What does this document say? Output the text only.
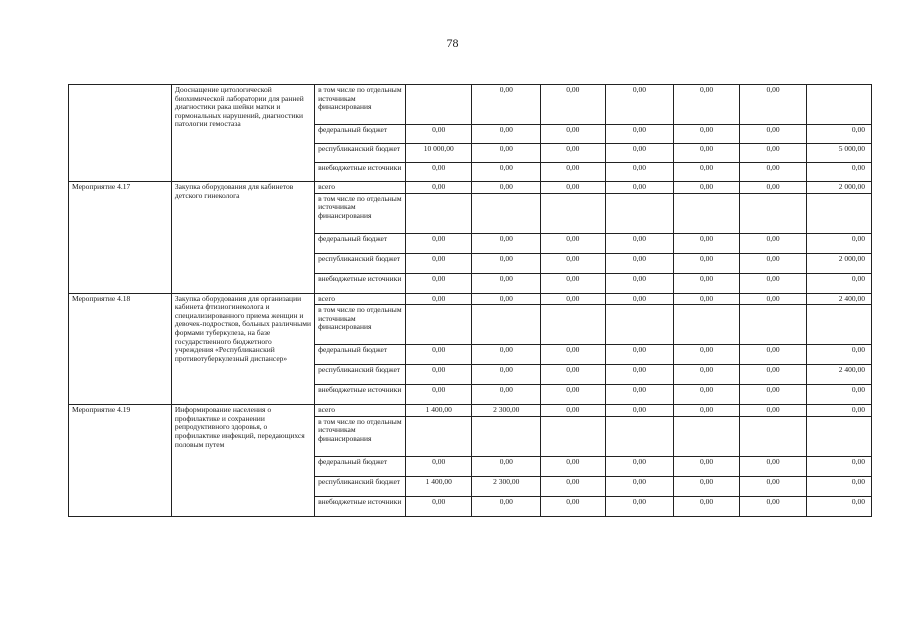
78
	Дооснащение цитологической биохимической лаборатории для ранней диагностики рака шейки матки и гормональных нарушений, диагностики патологии гемостаза	в том числе по отдельным источникам финансирования		0,00	0,00	0,00	0,00	0,00	
		федеральный бюджет	0,00	0,00	0,00	0,00	0,00	0,00	0,00
		республиканский бюджет	10 000,00	0,00	0,00	0,00	0,00	0,00	5 000,00
		внебюджетные источники	0,00	0,00	0,00	0,00	0,00	0,00	0,00
Мероприятие 4.17	Закупка оборудования для кабинетов детского гинеколога	всего	0,00	0,00	0,00	0,00	0,00	0,00	2 000,00
		в том числе по отдельным источникам финансирования							
		федеральный бюджет	0,00	0,00	0,00	0,00	0,00	0,00	0,00
		республиканский бюджет	0,00	0,00	0,00	0,00	0,00	0,00	2 000,00
		внебюджетные источники	0,00	0,00	0,00	0,00	0,00	0,00	0,00
Мероприятие 4.18	Закупка оборудования для организации кабинета фтизиогинеколога и специализированного приема женщин и девочек-подростков, больных различными формами туберкулеза, на базе государственного бюджетного учреждения «Республиканский противотуберкулезный диспансер»	всего	0,00	0,00	0,00	0,00	0,00	0,00	2 400,00
		в том числе по отдельным источникам финансирования							
		федеральный бюджет	0,00	0,00	0,00	0,00	0,00	0,00	0,00
		республиканский бюджет	0,00	0,00	0,00	0,00	0,00	0,00	2 400,00
		внебюджетные источники	0,00	0,00	0,00	0,00	0,00	0,00	0,00
Мероприятие 4.19	Информирование населения о профилактике и сохранении репродуктивного здоровья, о профилактике инфекций, передающихся половым путем	всего	1 400,00	2 300,00	0,00	0,00	0,00	0,00	0,00
		в том числе по отдельным источникам финансирования							
		федеральный бюджет	0,00	0,00	0,00	0,00	0,00	0,00	0,00
		республиканский бюджет	1 400,00	2 300,00	0,00	0,00	0,00	0,00	0,00
		внебюджетные источники	0,00	0,00	0,00	0,00	0,00	0,00	0,00
